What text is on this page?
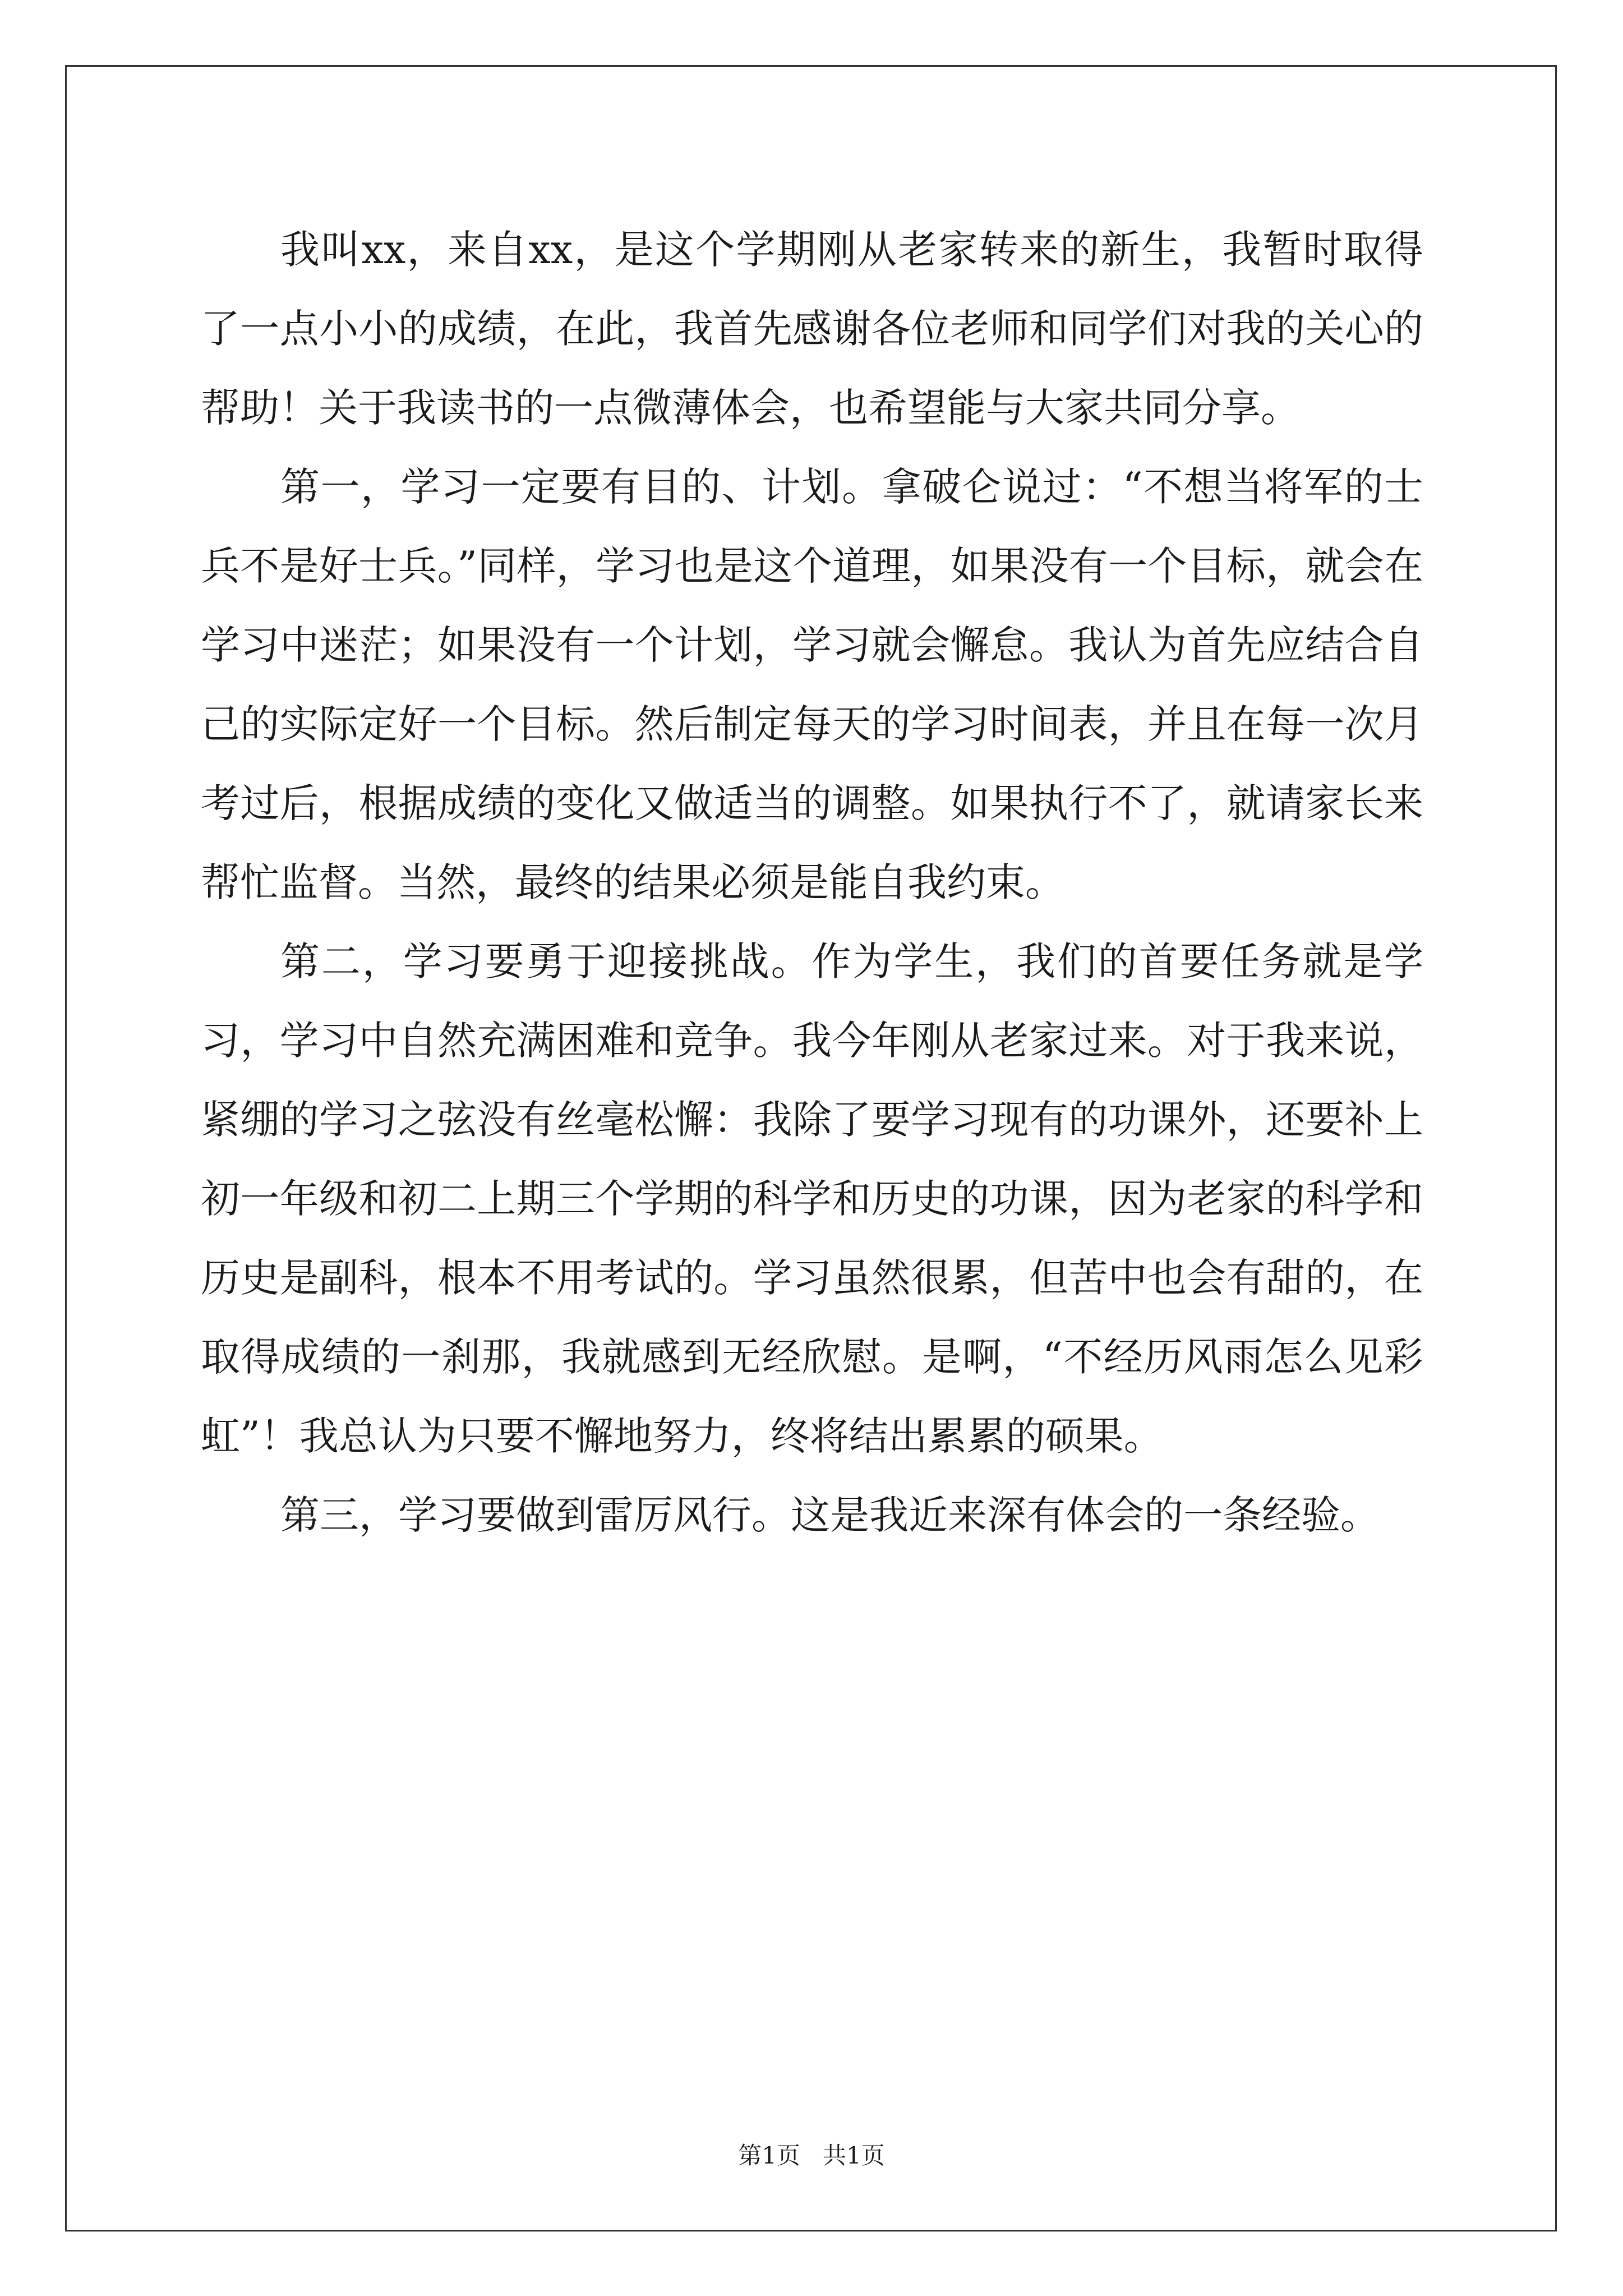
我叫xx，来自xx，是这个学期刚从老家转来的新生，我暂时取得了一点小小的成绩，在此，我首先感谢各位老师和同学们对我的关心的帮助！关于我读书的一点微薄体会，也希望能与大家共同分享。

第一，学习一定要有目的、计划。拿破仑说过：“不想当将军的士兵不是好士兵。”同样，学习也是这个道理，如果没有一个目标，就会在学习中迷茫；如果没有一个计划，学习就会懈怠。我认为首先应结合自己的实际定好一个目标。然后制定每天的学习时间表，并且在每一次月考过后，根据成绩的变化又做适当的调整。如果执行不了，就请家长来帮忙监督。当然，最终的结果必须是能自我约束。

第二，学习要勇于迎接挑战。作为学生，我们的首要任务就是学习，学习中自然充满困难和竞争。我今年刚从老家过来。对于我来说，紧绷的学习之弦没有丝毫松懈：我除了要学习现有的功课外，还要补上初一年级和初二上期三个学期的科学和历史的功课，因为老家的科学和历史是副科，根本不用考试的。学习虽然很累，但苦中也会有甜的，在取得成绩的一刹那，我就感到无经欣慰。是啊，“不经历风雨怎么见彩虹”！我总认为只要不懈地努力，终将结出累累的硕果。

第三，学习要做到雷厉风行。这是我近来深有体会的一条经验。

第1页   共1页
